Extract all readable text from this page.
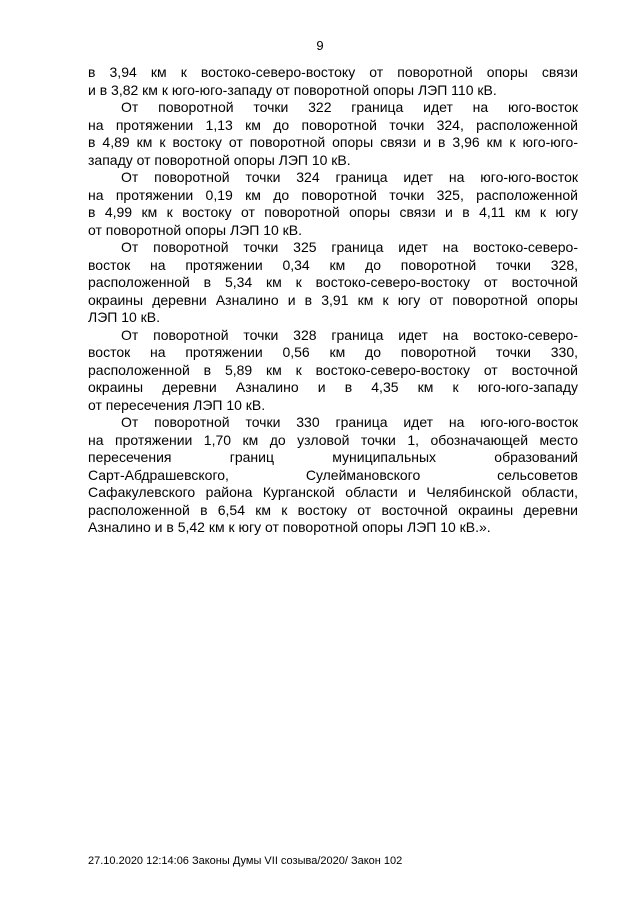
9
в 3,94 км к востоко-северо-востоку от поворотной опоры связи
и в 3,82 км к юго-юго-западу от поворотной опоры ЛЭП 110 кВ.
От поворотной точки 322 граница идет на юго-восток
на протяжении 1,13 км до поворотной точки 324, расположенной
в 4,89 км к востоку от поворотной опоры связи и в 3,96 км к юго-юго-
западу от поворотной опоры ЛЭП 10 кВ.
От поворотной точки 324 граница идет на юго-юго-восток
на протяжении 0,19 км до поворотной точки 325, расположенной
в 4,99 км к востоку от поворотной опоры связи и в 4,11 км к югу
от поворотной опоры ЛЭП 10 кВ.
От поворотной точки 325 граница идет на востоко-северо-
восток на протяжении 0,34 км до поворотной точки 328,
расположенной в 5,34 км к востоко-северо-востоку от восточной
окраины деревни Азналино и в 3,91 км к югу от поворотной опоры
ЛЭП 10 кВ.
От поворотной точки 328 граница идет на востоко-северо-
восток на протяжении 0,56 км до поворотной точки 330,
расположенной в 5,89 км к востоко-северо-востоку от восточной
окраины деревни Азналино и в 4,35 км к юго-юго-западу
от пересечения ЛЭП 10 кВ.
От поворотной точки 330 граница идет на юго-юго-восток
на протяжении 1,70 км до узловой точки 1, обозначающей место
пересечения границ муниципальных образований
Сарт-Абдрашевского, Сулеймановского сельсоветов
Сафакулевского района Курганской области и Челябинской области,
расположенной в 6,54 км к востоку от восточной окраины деревни
Азналино и в 5,42 км к югу от поворотной опоры ЛЭП 10 кВ.».
27.10.2020 12:14:06 Законы Думы VII созыва/2020/ Закон 102
